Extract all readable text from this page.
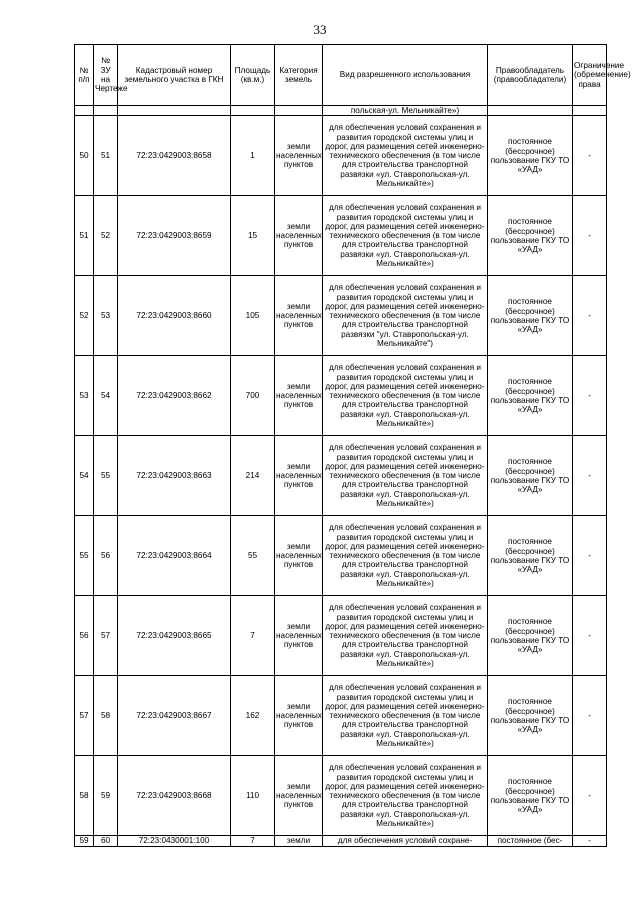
33
№ п/п	№ ЗУ на Чертеже	Кадастровый номер земельного участка в ГКН	Площадь (кв.м.)	Категория земель	Вид разрешенного использования	Правообладатель (правообладатели)	Ограничение (обременение) права
					польская-ул. Мельникайте»)		
50	51	72:23:0429003:8658	1	земли населенных пунктов	для обеспечения условий сохранения и развития городской системы улиц и дорог, для размещения сетей инженерно-технического обеспечения (в том числе для строительства транспортной развязки «ул. Ставропольская-ул. Мельникайте»)	постоянное (бессрочное) пользование ГКУ ТО «УАД»	-
51	52	72:23:0429003:8659	15	земли населенных пунктов	для обеспечения условий сохранения и развития городской системы улиц и дорог, для размещения сетей инженерно-технического обеспечения (в том числе для строительства транспортной развязки «ул. Ставропольская-ул. Мельникайте»)	постоянное (бессрочное) пользование ГКУ ТО «УАД»	-
52	53	72:23:0429003:8660	105	земли населенных пунктов	для обеспечения условий сохранения и развития городской системы улиц и дорог, для размещения сетей инженерно-технического обеспечения (в том числе для строительства транспортной развязки "ул. Ставропольская-ул. Мельникайте")	постоянное (бессрочное) пользование ГКУ ТО «УАД»	-
53	54	72:23:0429003:8662	700	земли населенных пунктов	для обеспечения условий сохранения и развития городской системы улиц и дорог, для размещения сетей инженерно-технического обеспечения (в том числе для строительства транспортной развязки «ул. Ставропольская-ул. Мельникайте»)	постоянное (бессрочное) пользование ГКУ ТО «УАД»	-
54	55	72:23:0429003:8663	214	земли населенных пунктов	для обеспечения условий сохранения и развития городской системы улиц и дорог, для размещения сетей инженерно-технического обеспечения (в том числе для строительства транспортной развязки «ул. Ставропольская-ул. Мельникайте»)	постоянное (бессрочное) пользование ГКУ ТО «УАД»	-
55	56	72:23:0429003:8664	55	земли населенных пунктов	для обеспечения условий сохранения и развития городской системы улиц и дорог, для размещения сетей инженерно-технического обеспечения (в том числе для строительства транспортной развязки «ул. Ставропольская-ул. Мельникайте»)	постоянное (бессрочное) пользование ГКУ ТО «УАД»	-
56	57	72:23:0429003:8665	7	земли населенных пунктов	для обеспечения условий сохранения и развития городской системы улиц и дорог, для размещения сетей инженерно-технического обеспечения (в том числе для строительства транспортной развязки «ул. Ставропольская-ул. Мельникайте»)	постоянное (бессрочное) пользование ГКУ ТО «УАД»	-
57	58	72:23:0429003:8667	162	земли населенных пунктов	для обеспечения условий сохранения и развития городской системы улиц и дорог, для размещения сетей инженерно-технического обеспечения (в том числе для строительства транспортной развязки «ул. Ставропольская-ул. Мельникайте»)	постоянное (бессрочное) пользование ГКУ ТО «УАД»	-
58	59	72:23:0429003:8668	110	земли населенных пунктов	для обеспечения условий сохранения и развития городской системы улиц и дорог, для размещения сетей инженерно-технического обеспечения (в том числе для строительства транспортной развязки «ул. Ставропольская-ул. Мельникайте»)	постоянное (бессрочное) пользование ГКУ ТО «УАД»	-
59	60	72:23:0430001:100	7	земли	для обеспечения условий сохране-	постоянное (бес-	-
